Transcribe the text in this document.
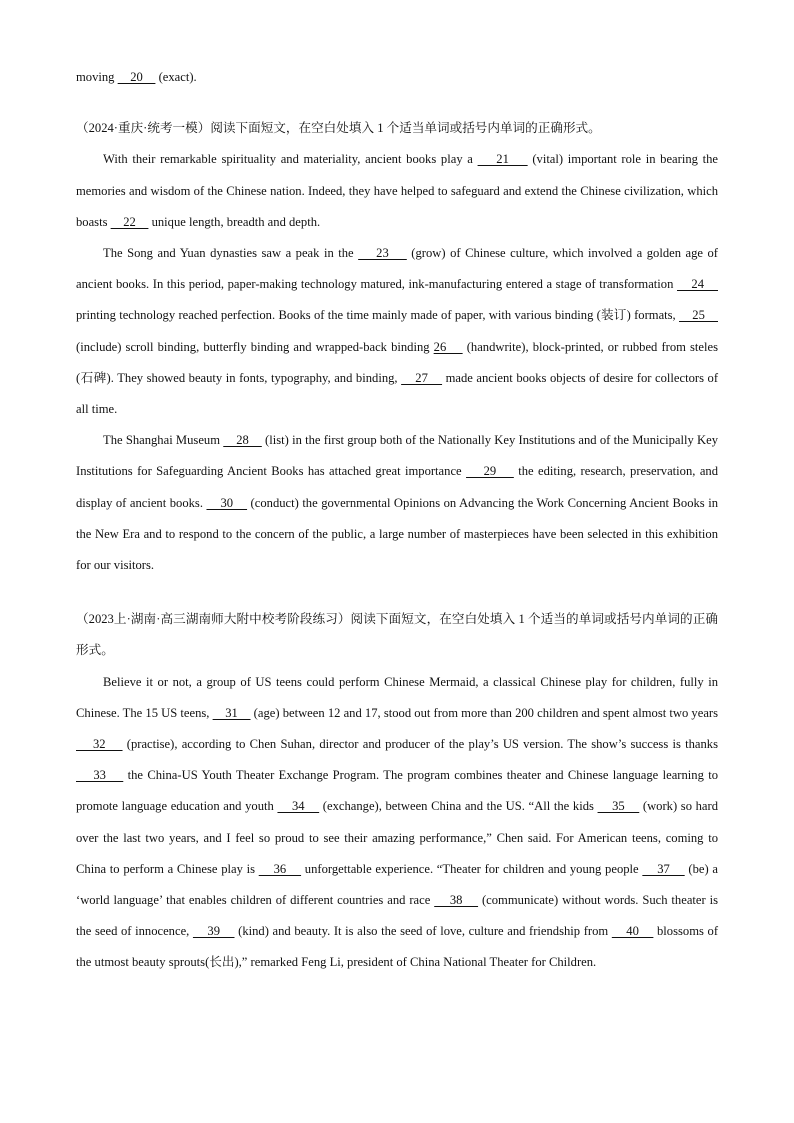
moving     20     (exact).

（2024·重庆·统考一模）阅读下面短文，在空白处填入 1 个适当单词或括号内单词的正确形式。

With their remarkable spirituality and materiality, ancient books play a     21     (vital) important role in bearing the memories and wisdom of the Chinese nation. Indeed, they have helped to safeguard and extend the Chinese civilization, which boasts     22     unique length, breadth and depth.

The Song and Yuan dynasties saw a peak in the     23     (grow) of Chinese culture, which involved a golden age of ancient books. In this period, paper-making technology matured, ink-manufacturing entered a stage of transformation     24     printing technology reached perfection. Books of the time mainly made of paper, with various binding (装订) formats,     25     (include) scroll binding, butterfly binding and wrapped-back binding 26     (handwrite), block-printed, or rubbed from steles (石碑). They showed beauty in fonts, typography, and binding,     27     made ancient books objects of desire for collectors of all time.

The Shanghai Museum     28     (list) in the first group both of the Nationally Key Institutions and of the Municipally Key Institutions for Safeguarding Ancient Books has attached great importance     29     the editing, research, preservation, and display of ancient books.     30     (conduct) the governmental Opinions on Advancing the Work Concerning Ancient Books in the New Era and to respond to the concern of the public, a large number of masterpieces have been selected in this exhibition for our visitors.

（2023上·湖南·高三湖南师大附中校考阶段练习）阅读下面短文，在空白处填入 1 个适当的单词或括号内单词的正确形式。

Believe it or not, a group of US teens could perform Chinese Mermaid, a classical Chinese play for children, fully in Chinese. The 15 US teens,     31     (age) between 12 and 17, stood out from more than 200 children and spent almost two years     32     (practise), according to Chen Suhan, director and producer of the play’s US version. The show’s success is thanks     33     the China-US Youth Theater Exchange Program. The program combines theater and Chinese language learning to promote language education and youth     34     (exchange), between China and the US. “All the kids     35     (work) so hard over the last two years, and I feel so proud to see their amazing performance,” Chen said. For American teens, coming to China to perform a Chinese play is     36     unforgettable experience. “Theater for children and young people     37     (be) a ‘world language’ that enables children of different countries and race     38     (communicate) without words. Such theater is the seed of innocence,     39     (kind) and beauty. It is also the seed of love, culture and friendship from     40     blossoms of the utmost beauty sprouts(长出),” remarked Feng Li, president of China National Theater for Children.
